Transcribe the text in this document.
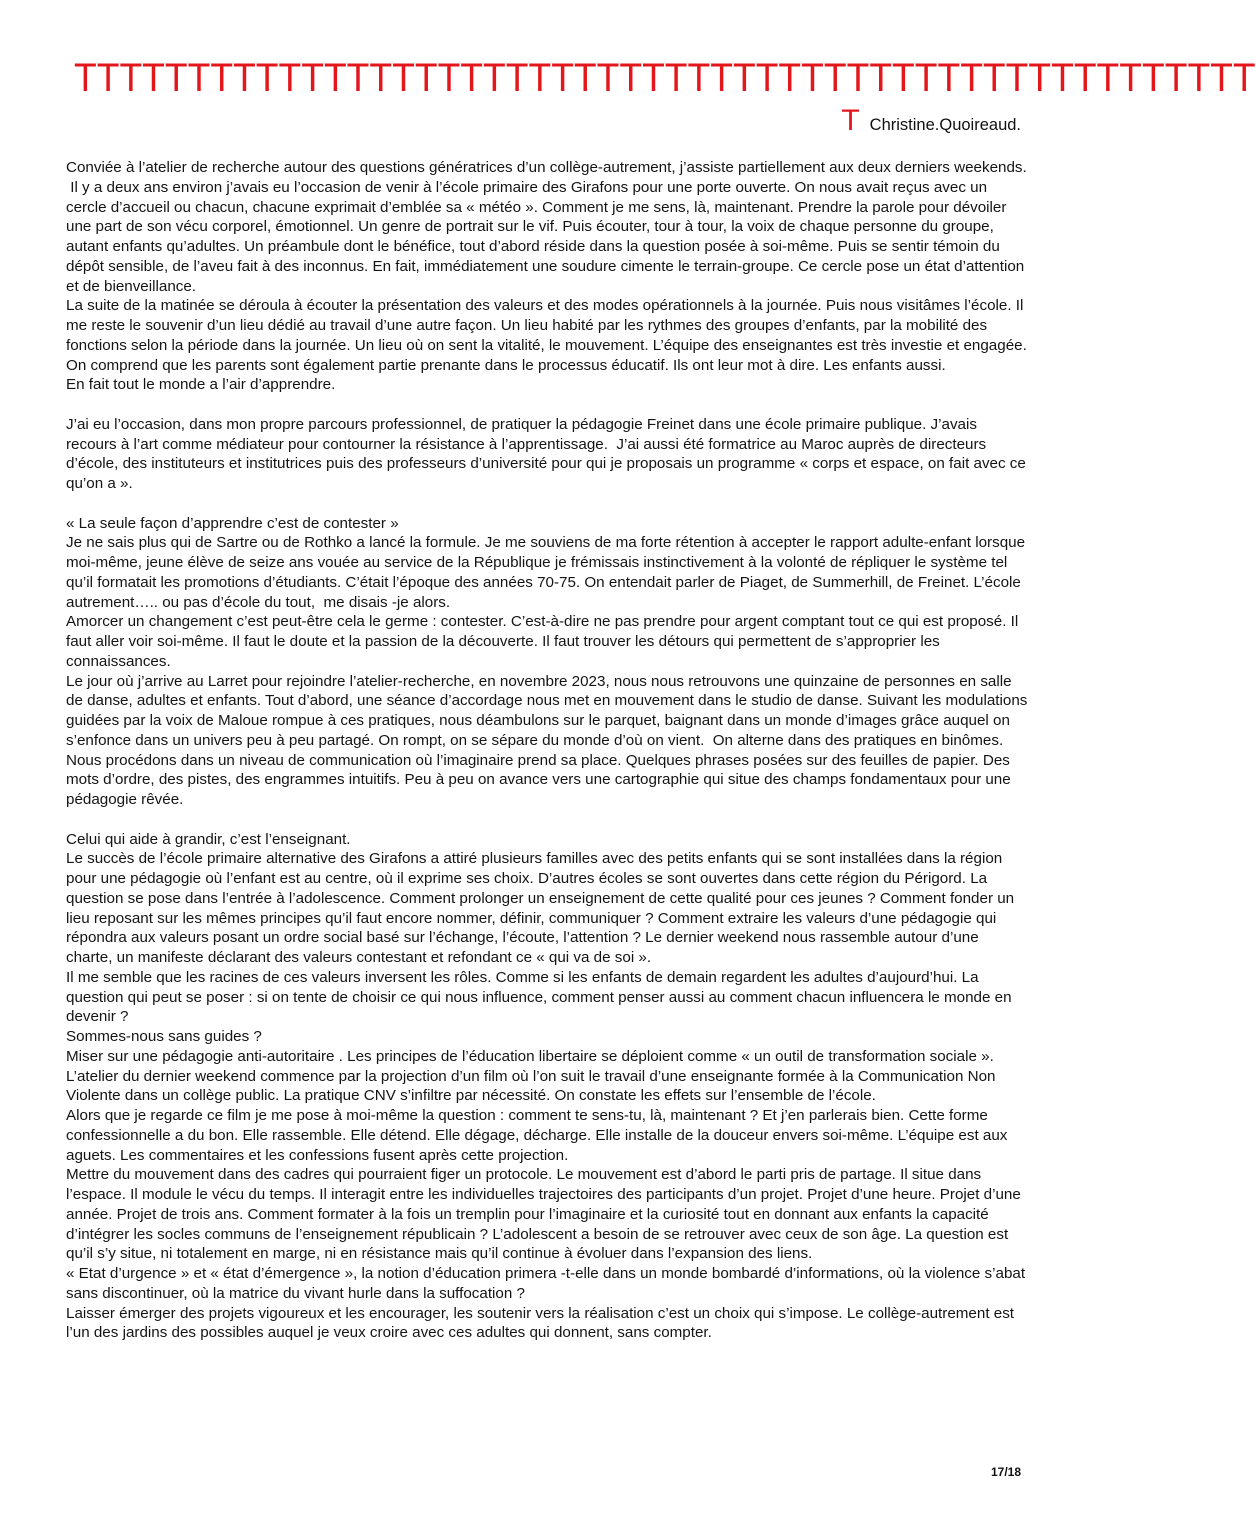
TTTTTTTTTTTTTTTTTTTTTTTTTTTTTTTTTTTTTTTTTTTTTTTTTTTT
T Christine.Quoireaud.

Conviée à l’atelier de recherche autour des questions génératrices d’un collège-autrement, j’assiste partiellement aux deux derniers weekends.

Il y a deux ans environ j’avais eu l’occasion de venir à l’école primaire des Girafons pour une porte ouverte. On nous avait reçus avec un cercle d’accueil ou chacun, chacune exprimait d’emblée sa « météo ». Comment je me sens, là, maintenant. Prendre la parole pour dévoiler une part de son vécu corporel, émotionnel. Un genre de portrait sur le vif. Puis écouter, tour à tour, la voix de chaque personne du groupe, autant enfants qu’adultes. Un préambule dont le bénéfice, tout d’abord réside dans la question posée à soi-même. Puis se sentir témoin du dépôt sensible, de l’aveu fait à des inconnus. En fait, immédiatement une soudure cimente le terrain-groupe. Ce cercle pose un état d’attention et de bienveillance.

La suite de la matinée se déroula à écouter la présentation des valeurs et des modes opérationnels à la journée. Puis nous visitâmes l’école. Il me reste le souvenir d’un lieu dédié au travail d’une autre façon. Un lieu habité par les rythmes des groupes d’enfants, par la mobilité des fonctions selon la période dans la journée. Un lieu où on sent la vitalité, le mouvement. L’équipe des enseignantes est très investie et engagée. On comprend que les parents sont également partie prenante dans le processus éducatif. Ils ont leur mot à dire. Les enfants aussi.

En fait tout le monde a l’air d’apprendre.

J’ai eu l’occasion, dans mon propre parcours professionnel, de pratiquer la pédagogie Freinet dans une école primaire publique. J’avais recours à l’art comme médiateur pour contourner la résistance à l’apprentissage.  J’ai aussi été formatrice au Maroc auprès de directeurs d’école, des instituteurs et institutrices puis des professeurs d’université pour qui je proposais un programme « corps et espace, on fait avec ce qu’on a ».

« La seule façon d’apprendre c’est de contester »

Je ne sais plus qui de Sartre ou de Rothko a lancé la formule. Je me souviens de ma forte rétention à accepter le rapport adulte-enfant lorsque moi-même, jeune élève de seize ans vouée au service de la République je frémissais instinctivement à la volonté de répliquer le système tel qu’il formatait les promotions d’étudiants. C’était l’époque des années 70-75. On entendait parler de Piaget, de Summerhill, de Freinet. L’école autrement….. ou pas d’école du tout,  me disais -je alors.

Amorcer un changement c’est peut-être cela le germe : contester. C’est-à-dire ne pas prendre pour argent comptant tout ce qui est proposé. Il faut aller voir soi-même. Il faut le doute et la passion de la découverte. Il faut trouver les détours qui permettent de s’approprier les connaissances.

Le jour où j’arrive au Larret pour rejoindre l’atelier-recherche, en novembre 2023, nous nous retrouvons une quinzaine de personnes en salle de danse, adultes et enfants. Tout d’abord, une séance d’accordage nous met en mouvement dans le studio de danse. Suivant les modulations guidées par la voix de Maloue rompue à ces pratiques, nous déambulons sur le parquet, baignant dans un monde d’images grâce auquel on s’enfonce dans un univers peu à peu partagé. On rompt, on se sépare du monde d’où on vient.  On alterne dans des pratiques en binômes. Nous procédons dans un niveau de communication où l’imaginaire prend sa place. Quelques phrases posées sur des feuilles de papier. Des mots d’ordre, des pistes, des engrammes intuitifs. Peu à peu on avance vers une cartographie qui situe des champs fondamentaux pour une pédagogie rêvée.

Celui qui aide à grandir, c’est l’enseignant.

Le succès de l’école primaire alternative des Girafons a attiré plusieurs familles avec des petits enfants qui se sont installées dans la région pour une pédagogie où l’enfant est au centre, où il exprime ses choix. D’autres écoles se sont ouvertes dans cette région du Périgord. La question se pose dans l’entrée à l’adolescence. Comment prolonger un enseignement de cette qualité pour ces jeunes ? Comment fonder un lieu reposant sur les mêmes principes qu’il faut encore nommer, définir, communiquer ? Comment extraire les valeurs d’une pédagogie qui répondra aux valeurs posant un ordre social basé sur l’échange, l’écoute, l’attention ? Le dernier weekend nous rassemble autour d’une charte, un manifeste déclarant des valeurs contestant et refondant ce « qui va de soi ».

Il me semble que les racines de ces valeurs inversent les rôles. Comme si les enfants de demain regardent les adultes d’aujourd’hui. La question qui peut se poser : si on tente de choisir ce qui nous influence, comment penser aussi au comment chacun influencera le monde en devenir ?

Sommes-nous sans guides ?

Miser sur une pédagogie anti-autoritaire . Les principes de l’éducation libertaire se déploient comme « un outil de transformation sociale ». L’atelier du dernier weekend commence par la projection d’un film où l’on suit le travail d’une enseignante formée à la Communication Non Violente dans un collège public. La pratique CNV s’infiltre par nécessité. On constate les effets sur l’ensemble de l’école.

Alors que je regarde ce film je me pose à moi-même la question : comment te sens-tu, là, maintenant ? Et j’en parlerais bien. Cette forme confessionnelle a du bon. Elle rassemble. Elle détend. Elle dégage, décharge. Elle installe de la douceur envers soi-même. L’équipe est aux aguets. Les commentaires et les confessions fusent après cette projection.

Mettre du mouvement dans des cadres qui pourraient figer un protocole. Le mouvement est d’abord le parti pris de partage. Il situe dans l’espace. Il module le vécu du temps. Il interagit entre les individuelles trajectoires des participants d’un projet. Projet d’une heure. Projet d’une année. Projet de trois ans. Comment formater à la fois un tremplin pour l’imaginaire et la curiosité tout en donnant aux enfants la capacité d’intégrer les socles communs de l’enseignement républicain ? L’adolescent a besoin de se retrouver avec ceux de son âge. La question est qu’il s’y situe, ni totalement en marge, ni en résistance mais qu’il continue à évoluer dans l’expansion des liens.

« Etat d’urgence » et « état d’émergence », la notion d’éducation primera -t-elle dans un monde bombardé d’informations, où la violence s’abat sans discontinuer, où la matrice du vivant hurle dans la suffocation ?

Laisser émerger des projets vigoureux et les encourager, les soutenir vers la réalisation c’est un choix qui s’impose. Le collège-autrement est l’un des jardins des possibles auquel je veux croire avec ces adultes qui donnent, sans compter.

17/18
